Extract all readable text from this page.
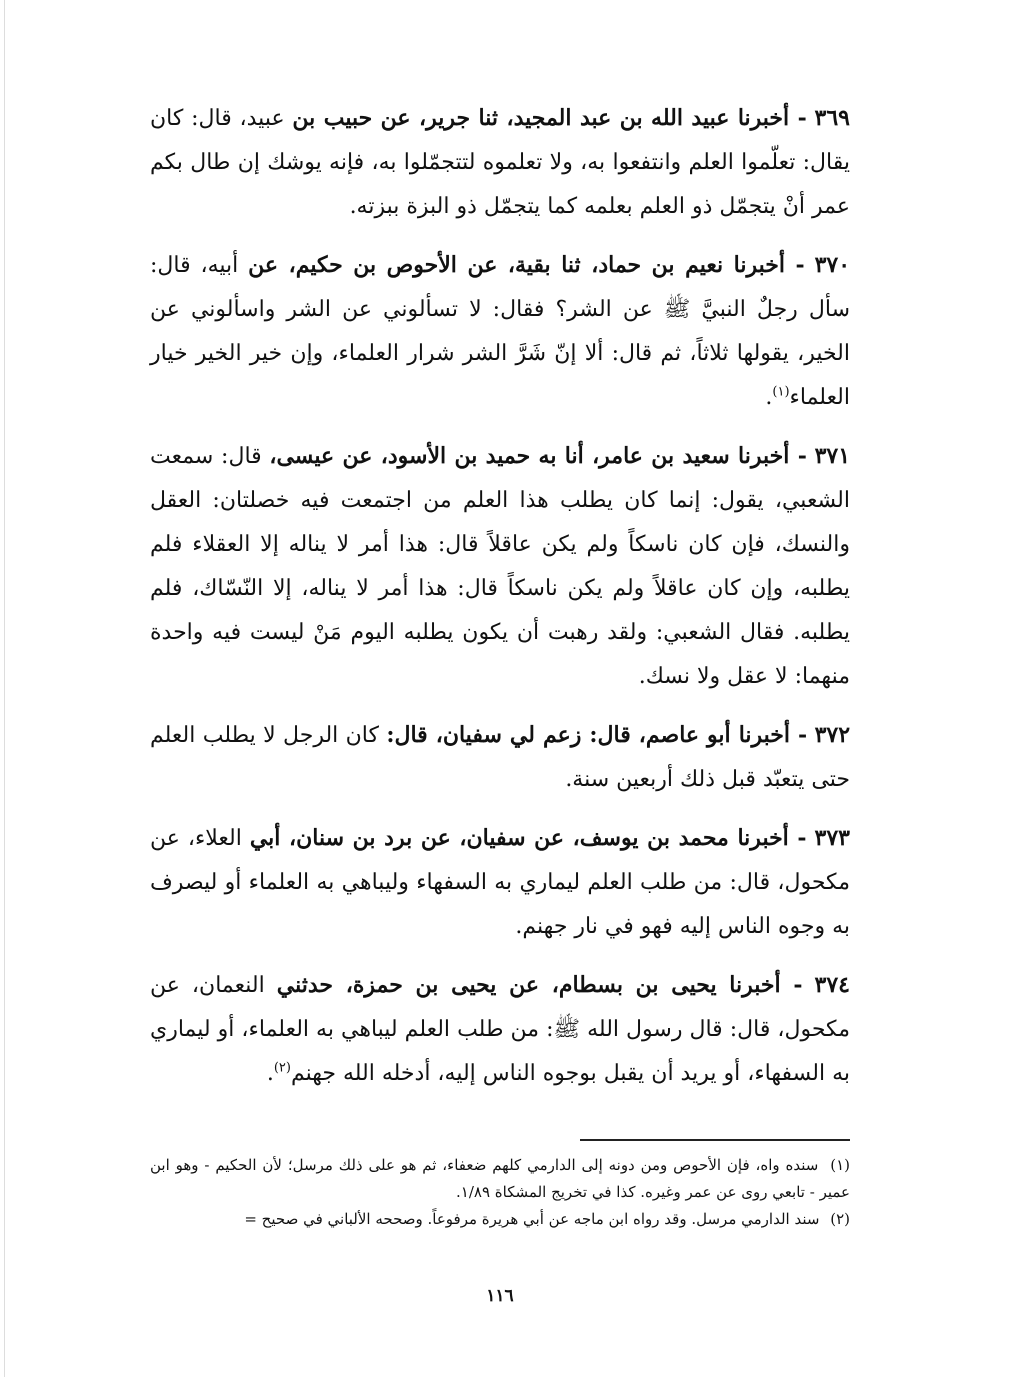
٣٦٩ - أخبرنا عبيد الله بن عبد المجيد، ثنا جرير، عن حبيب بن عبيد، قال: كان يقال: تعلّموا العلم وانتفعوا به، ولا تعلموه لتتجمّلوا به، فإنه يوشك إن طال بكم عمر أنْ يتجمّل ذو العلم بعلمه كما يتجمّل ذو البزة ببزته.

٣٧٠ - أخبرنا نعيم بن حماد، ثنا بقية، عن الأحوص بن حكيم، عن أبيه، قال: سأل رجلٌ النبيَّ ﷺ عن الشر؟ فقال: لا تسألوني عن الشر واسألوني عن الخير، يقولها ثلاثاً، ثم قال: ألا إنّ شَرَّ الشر شرار العلماء، وإن خير الخير خيار العلماء$^{(١)}$.

٣٧١ - أخبرنا سعيد بن عامر، أنا به حميد بن الأسود، عن عيسى، قال: سمعت الشعبي، يقول: إنما كان يطلب هذا العلم من اجتمعت فيه خصلتان: العقل والنسك، فإن كان ناسكاً ولم يكن عاقلاً قال: هذا أمر لا يناله إلا العقلاء فلم يطلبه، وإن كان عاقلاً ولم يكن ناسكاً قال: هذا أمر لا يناله، إلا النّسّاك، فلم يطلبه. فقال الشعبي: ولقد رهبت أن يكون يطلبه اليوم مَنْ ليست فيه واحدة منهما: لا عقل ولا نسك.

٣٧٢ - أخبرنا أبو عاصم، قال: زعم لي سفيان، قال: كان الرجل لا يطلب العلم حتى يتعبّد قبل ذلك أربعين سنة.

٣٧٣ - أخبرنا محمد بن يوسف، عن سفيان، عن برد بن سنان، أبي العلاء، عن مكحول، قال: من طلب العلم ليماري به السفهاء وليباهي به العلماء أو ليصرف به وجوه الناس إليه فهو في نار جهنم.

٣٧٤ - أخبرنا يحيى بن بسطام، عن يحيى بن حمزة، حدثني النعمان، عن مكحول، قال: قال رسول الله ﷺ: من طلب العلم ليباهي به العلماء، أو ليماري به السفهاء، أو يريد أن يقبل بوجوه الناس إليه، أدخله الله جهنم$^{(٢)}$.

(١) سنده واه، فإن الأحوص ومن دونه إلى الدارمي كلهم ضعفاء، ثم هو على ذلك مرسل؛ لأن الحكيم - وهو ابن عمير - تابعي روى عن عمر وغيره. كذا في تخريج المشكاة ١/٨٩.

(٢) سند الدارمي مرسل. وقد رواه ابن ماجه عن أبي هريرة مرفوعاً. وصححه الألباني في صحيح =

١١٦
